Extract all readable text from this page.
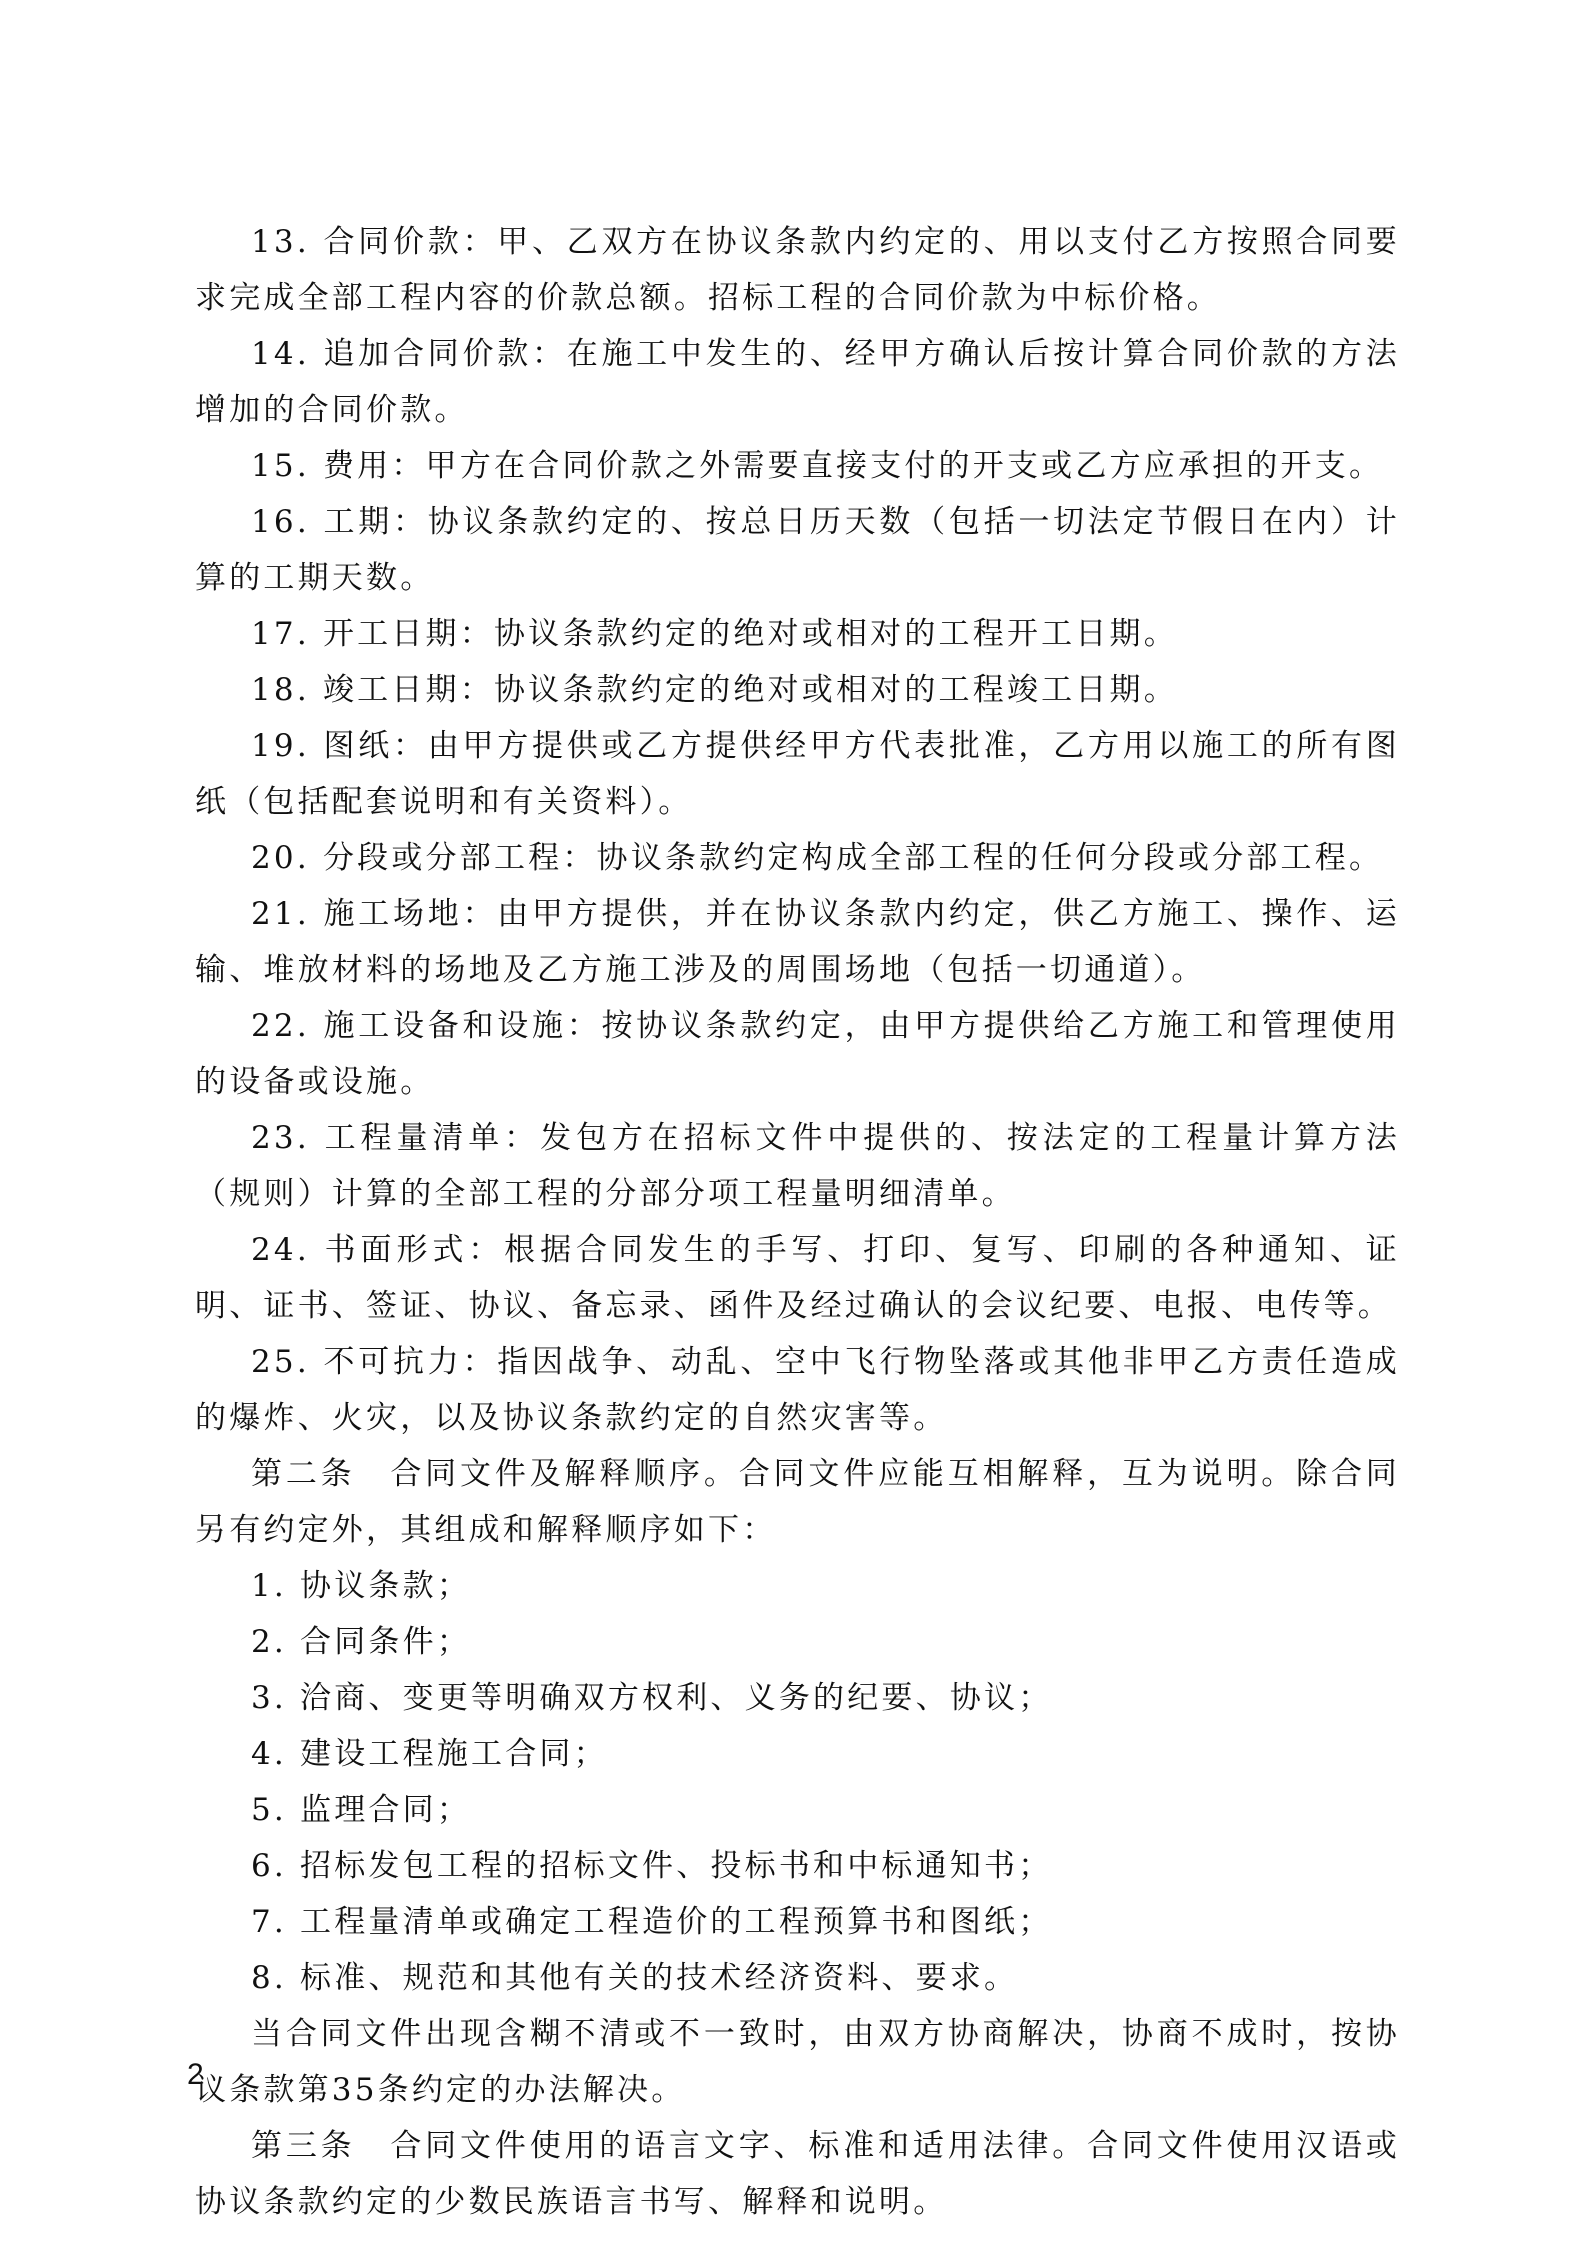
13. 合同价款：甲、乙双方在协议条款内约定的、用以支付乙方按照合同要求完成全部工程内容的价款总额。招标工程的合同价款为中标价格。

14. 追加合同价款：在施工中发生的、经甲方确认后按计算合同价款的方法增加的合同价款。

15. 费用：甲方在合同价款之外需要直接支付的开支或乙方应承担的开支。

16. 工期：协议条款约定的、按总日历天数（包括一切法定节假日在内）计算的工期天数。

17. 开工日期：协议条款约定的绝对或相对的工程开工日期。

18. 竣工日期：协议条款约定的绝对或相对的工程竣工日期。

19. 图纸：由甲方提供或乙方提供经甲方代表批准，乙方用以施工的所有图纸（包括配套说明和有关资料）。

20. 分段或分部工程：协议条款约定构成全部工程的任何分段或分部工程。

21. 施工场地：由甲方提供，并在协议条款内约定，供乙方施工、操作、运输、堆放材料的场地及乙方施工涉及的周围场地（包括一切通道）。

22. 施工设备和设施：按协议条款约定，由甲方提供给乙方施工和管理使用的设备或设施。

23. 工程量清单：发包方在招标文件中提供的、按法定的工程量计算方法（规则）计算的全部工程的分部分项工程量明细清单。

24. 书面形式：根据合同发生的手写、打印、复写、印刷的各种通知、证明、证书、签证、协议、备忘录、函件及经过确认的会议纪要、电报、电传等。

25. 不可抗力：指因战争、动乱、空中飞行物坠落或其他非甲乙方责任造成的爆炸、火灾，以及协议条款约定的自然灾害等。

第二条　合同文件及解释顺序。合同文件应能互相解释，互为说明。除合同另有约定外，其组成和解释顺序如下：

1. 协议条款；

2. 合同条件；

3. 洽商、变更等明确双方权利、义务的纪要、协议；

4. 建设工程施工合同；

5. 监理合同；

6. 招标发包工程的招标文件、投标书和中标通知书；

7. 工程量清单或确定工程造价的工程预算书和图纸；

8. 标准、规范和其他有关的技术经济资料、要求。

当合同文件出现含糊不清或不一致时，由双方协商解决，协商不成时，按协议条款第35条约定的办法解决。

第三条　合同文件使用的语言文字、标准和适用法律。合同文件使用汉语或协议条款约定的少数民族语言书写、解释和说明。

2
